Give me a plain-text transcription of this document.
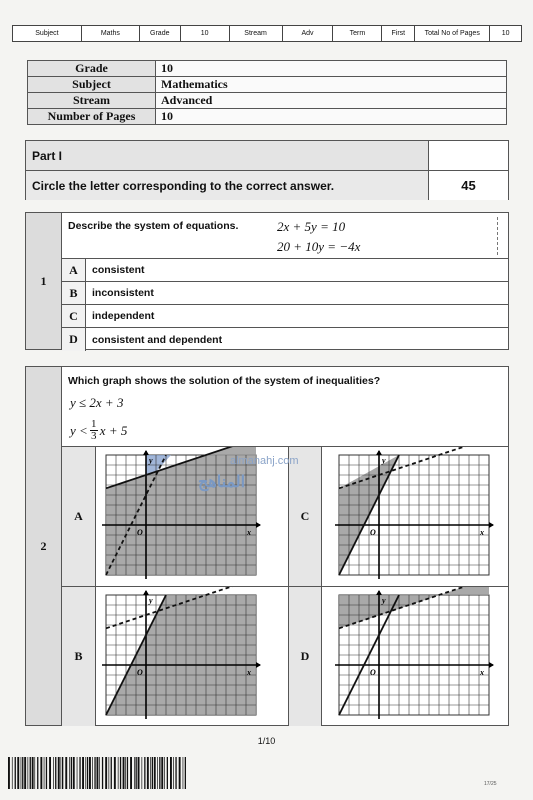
Subject	Maths	Grade	10	Stream	Adv	Term	First	Total No of Pages	10
Grade	10
Subject	Mathematics
Stream	Advanced
Number of Pages	10
Part I
Circle the letter corresponding to the correct answer.	45
1
Describe the system of equations.	2x + 5y = 10
20 + 10y = −4x
A	consistent
B	inconsistent
C	independent
D	consistent and dependent
2
Which graph shows the solution of the system of inequalities?
y ≤ 2x + 3
$y < \frac{1}{3}$ x + 5
A
y
x
O
C
y
x
O
B
y
x
O
D
y
x
O
almanahj.com
المناهج
1/10
17/25
